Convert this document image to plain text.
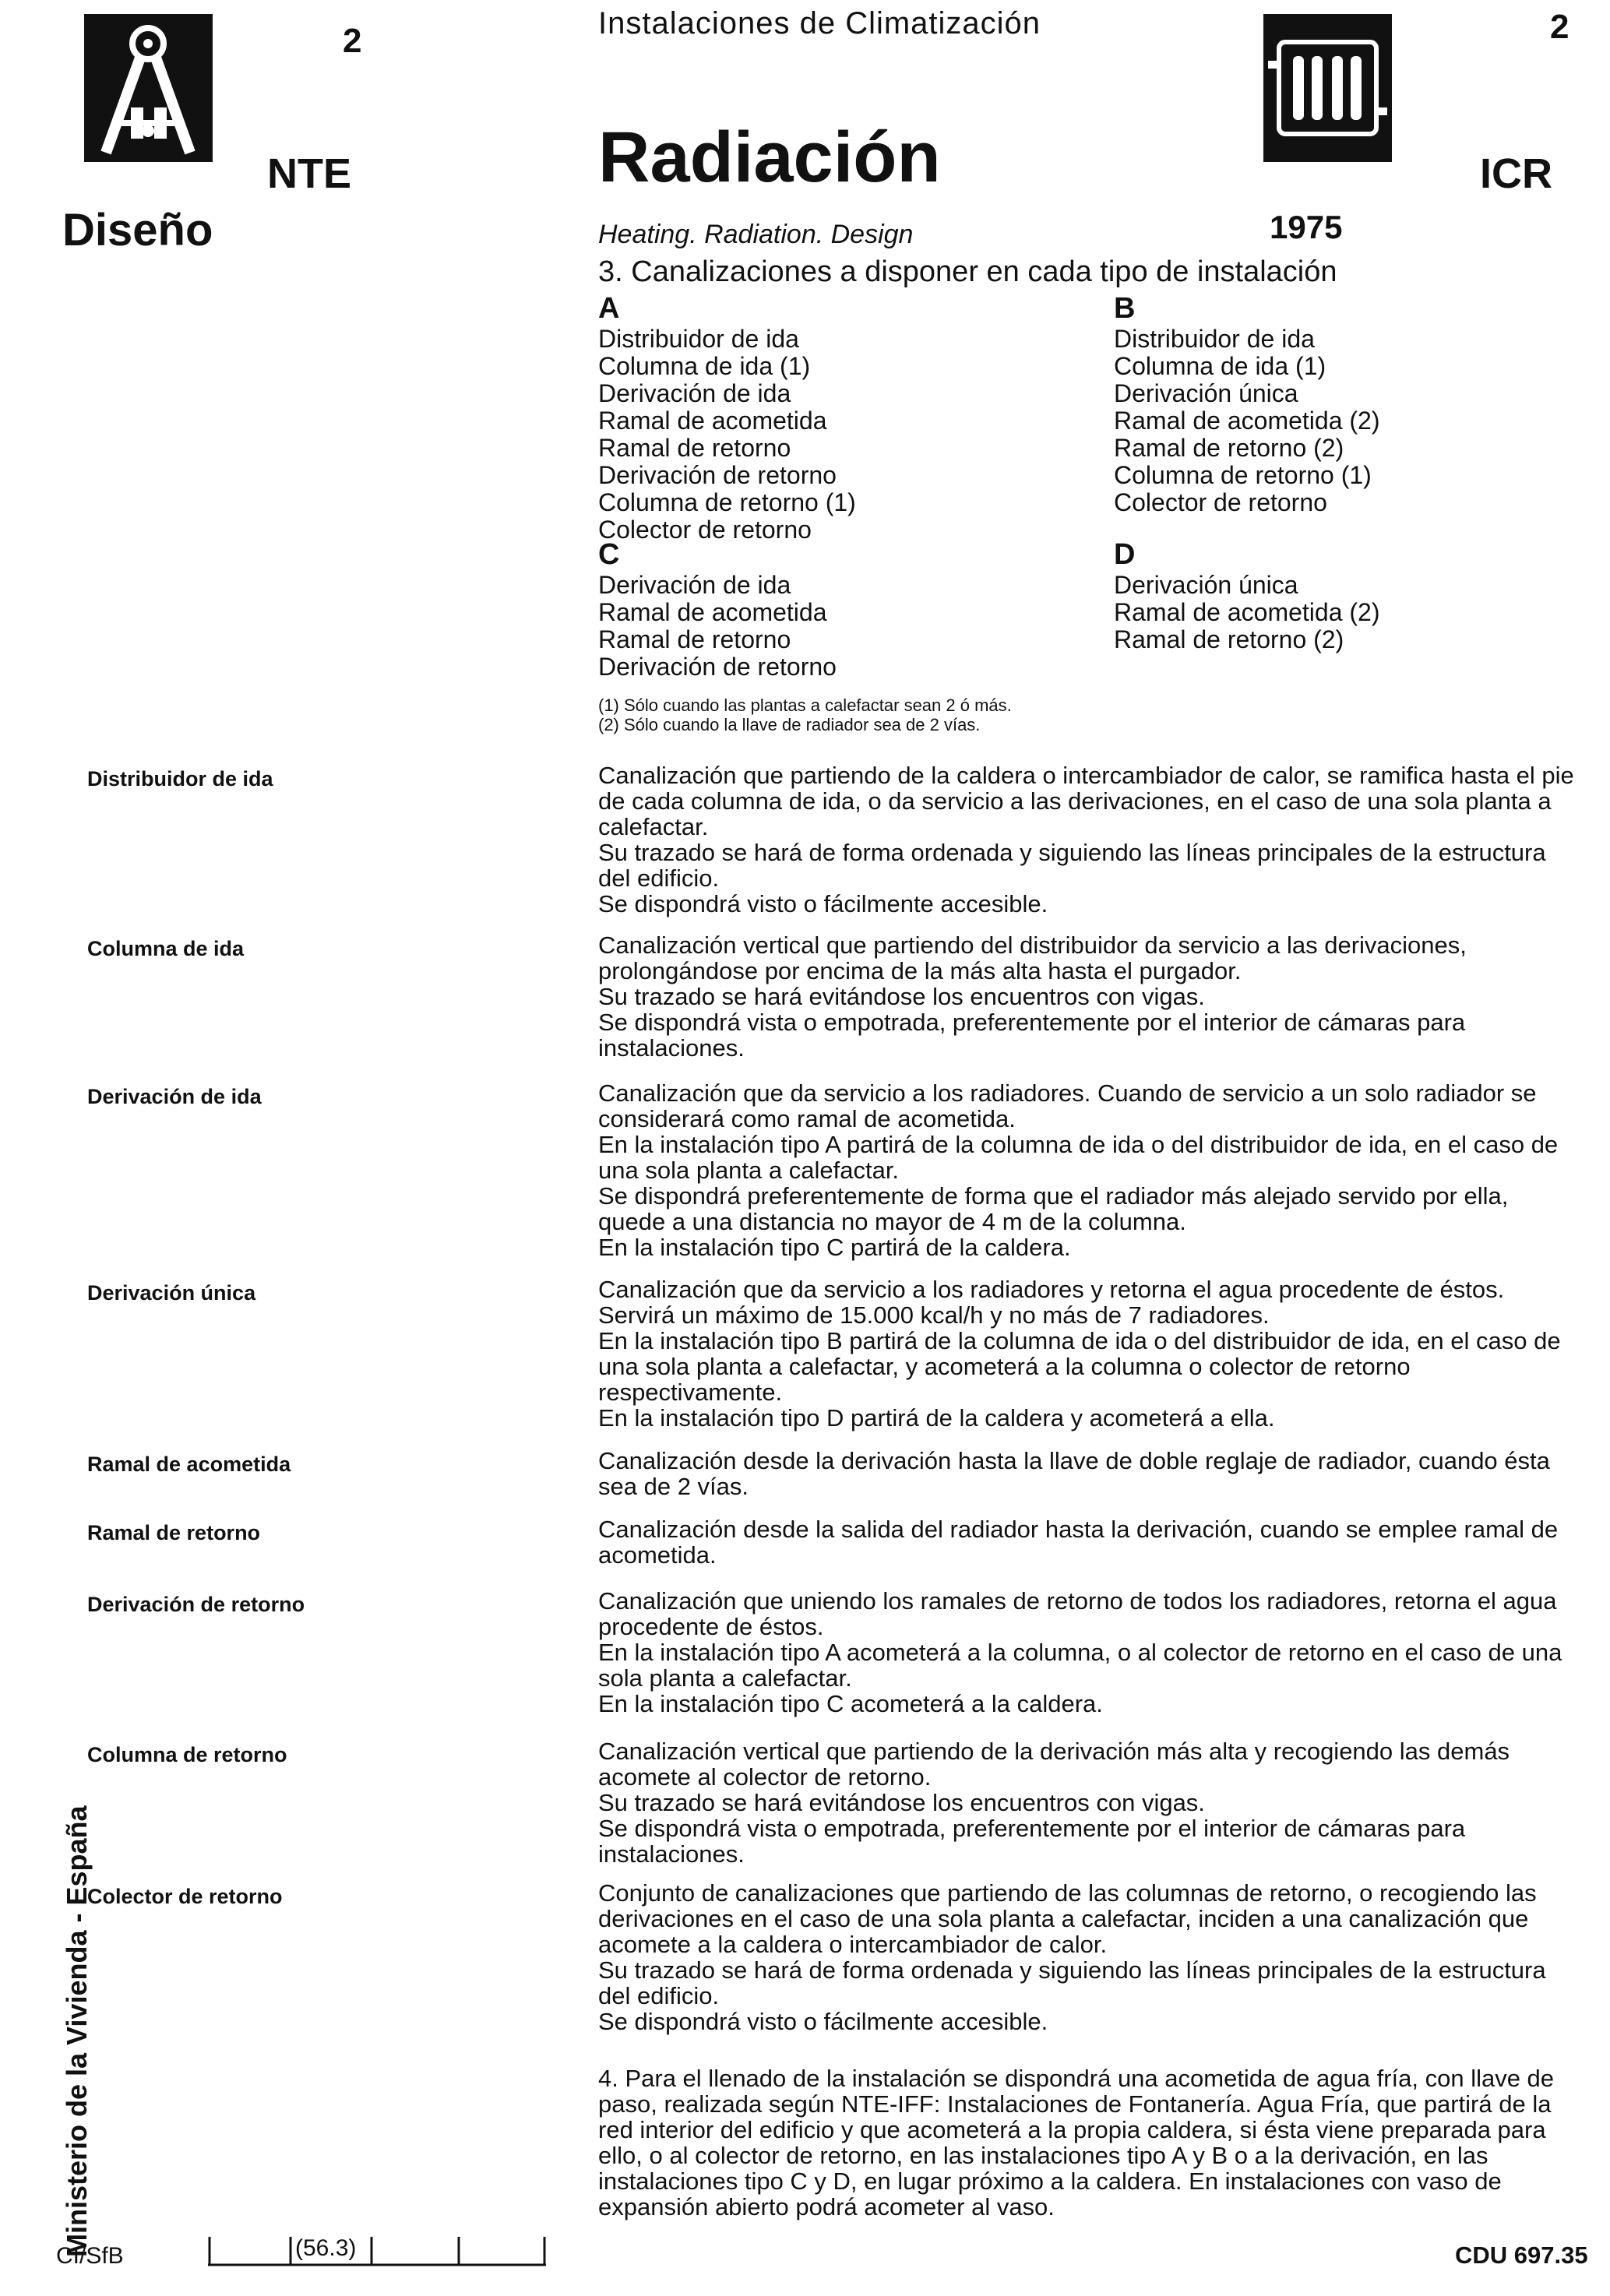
2
NTE
Diseño
Instalaciones de Climatización
Radiación
Heating. Radiation. Design	1975
2
ICR
3. Canalizaciones a disponer en cada tipo de instalación
A
Distribuidor de ida
Columna de ida (1)
Derivación de ida
Ramal de acometida
Ramal de retorno
Derivación de retorno
Columna de retorno (1)
Colector de retorno
B
Distribuidor de ida
Columna de ida (1)
Derivación única
Ramal de acometida (2)
Ramal de retorno (2)
Columna de retorno (1)
Colector de retorno
C
Derivación de ida
Ramal de acometida
Ramal de retorno
Derivación de retorno
D
Derivación única
Ramal de acometida (2)
Ramal de retorno (2)
(1) Sólo cuando las plantas a calefactar sean 2 ó más.
(2) Sólo cuando la llave de radiador sea de 2 vías.
Distribuidor de ida	Canalización que partiendo de la caldera o intercambiador de calor, se ramifica hasta el pie de cada columna de ida, o da servicio a las derivaciones, en el caso de una sola planta a calefactar.

Su trazado se hará de forma ordenada y siguiendo las líneas principales de la estructura del edificio.

Se dispondrá visto o fácilmente accesible.

Columna de ida	Canalización vertical que partiendo del distribuidor da servicio a las derivaciones, prolongándose por encima de la más alta hasta el purgador.

Su trazado se hará evitándose los encuentros con vigas.

Se dispondrá vista o empotrada, preferentemente por el interior de cámaras para instalaciones.

Derivación de ida	Canalización que da servicio a los radiadores. Cuando de servicio a un solo radiador se considerará como ramal de acometida.

En la instalación tipo A partirá de la columna de ida o del distribuidor de ida, en el caso de una sola planta a calefactar.

Se dispondrá preferentemente de forma que el radiador más alejado servido por ella, quede a una distancia no mayor de 4 m de la columna.

En la instalación tipo C partirá de la caldera.

Derivación única	Canalización que da servicio a los radiadores y retorna el agua procedente de éstos. Servirá un máximo de 15.000 kcal/h y no más de 7 radiadores.

En la instalación tipo B partirá de la columna de ida o del distribuidor de ida, en el caso de una sola planta a calefactar, y acometerá a la columna o colector de retorno respectivamente.

En la instalación tipo D partirá de la caldera y acometerá a ella.

Ramal de acometida	Canalización desde la derivación hasta la llave de doble reglaje de radiador, cuando ésta sea de 2 vías.

Ramal de retorno	Canalización desde la salida del radiador hasta la derivación, cuando se emplee ramal de acometida.

Derivación de retorno	Canalización que uniendo los ramales de retorno de todos los radiadores, retorna el agua procedente de éstos.

En la instalación tipo A acometerá a la columna, o al colector de retorno en el caso de una sola planta a calefactar.

En la instalación tipo C acometerá a la caldera.

Columna de retorno	Canalización vertical que partiendo de la derivación más alta y recogiendo las demás acomete al colector de retorno.

Su trazado se hará evitándose los encuentros con vigas.

Se dispondrá vista o empotrada, preferentemente por el interior de cámaras para instalaciones.

Colector de retorno	Conjunto de canalizaciones que partiendo de las columnas de retorno, o recogiendo las derivaciones en el caso de una sola planta a calefactar, inciden a una canalización que acomete a la caldera o intercambiador de calor.

Su trazado se hará de forma ordenada y siguiendo las líneas principales de la estructura del edificio.

Se dispondrá visto o fácilmente accesible.

4. Para el llenado de la instalación se dispondrá una acometida de agua fría, con llave de paso, realizada según NTE-IFF: Instalaciones de Fontanería. Agua Fría, que partirá de la red interior del edificio y que acometerá a la propia caldera, si ésta viene preparada para ello, o al colector de retorno, en las instalaciones tipo A y B o a la derivación, en las instalaciones tipo C y D, en lugar próximo a la caldera. En instalaciones con vaso de expansión abierto podrá acometer al vaso.
Ministerio de la Vivienda - España
CI/SfB	(56.3)	CDU 697.35
